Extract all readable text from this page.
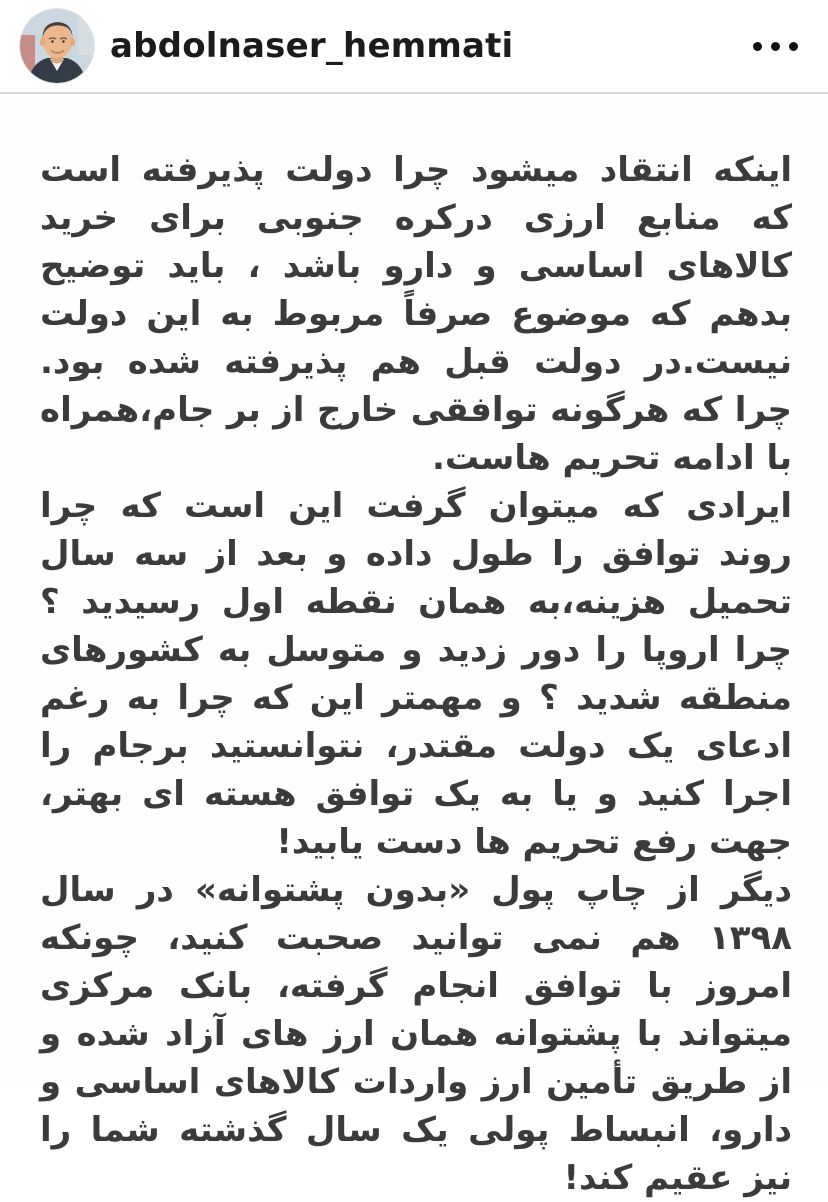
abdolnaser_hemmati

اینکه انتقاد میشود چرا دولت پذیرفته است که منابع ارزی درکره جنوبی برای خرید کالاهای اساسی و دارو باشد ، باید توضیح بدهم که موضوع صرفاً مربوط به این دولت نیست.در دولت قبل هم پذیرفته شده بود. چرا که هرگونه توافقی خارج از بر جام،همراه با ادامه تحریم هاست.

ایرادی که میتوان گرفت این است که چرا روند توافق را طول داده و بعد از سه سال تحمیل هزینه،به همان نقطه اول رسیدید ؟ چرا اروپا را دور زدید و متوسل به کشورهای منطقه شدید ؟ و مهمتر این که چرا به رغم ادعای یک دولت مقتدر، نتوانستید برجام را اجرا کنید و یا به یک توافق هسته ای بهتر، جهت رفع تحریم ها دست یابید!

دیگر از چاپ پول «بدون پشتوانه» در سال ۱۳۹۸ هم نمی توانید صحبت کنید، چونکه امروز با توافق انجام گرفته، بانک مرکزی میتواند با پشتوانه همان ارز های آزاد شده و از طریق تأمین ارز واردات کالاهای اساسی و دارو، انبساط پولی یک سال گذشته شما را نیز عقیم کند!
